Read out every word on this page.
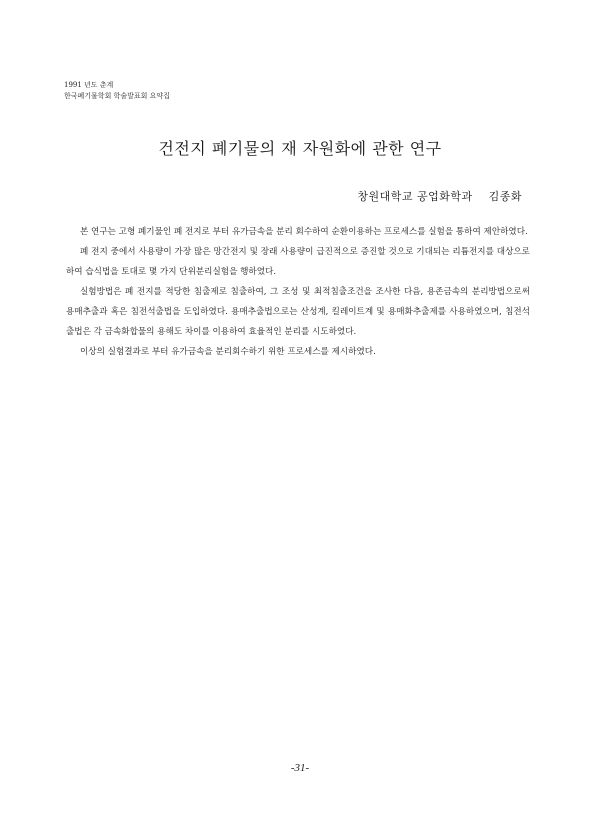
1991 년도 춘계
한국폐기물학회 학술발표회 요약집
건전지 폐기물의 재 자원화에 관한 연구
창원대학교 공업화학과 김종화

본 연구는 고형 폐기물인 폐 전지로 부터 유가금속을 분리 회수하여 순환이용하는 프로세스를 실험을 통하여 제안하였다.

폐 전지 중에서 사용량이 가장 많은 망간전지 및 장래 사용량이 급진적으로 증진할 것으로 기대되는 리튬전지를 대상으로 하여 습식법을 토대로 몇 가지 단위분리실험을 행하였다.

실험방법은 폐 전지를 적당한 침출제로 침출하여, 그 조성 및 최적침출조건을 조사한 다음, 용존금속의 분리방법으로써 용매추출과 혹은 침전석출법을 도입하였다. 용매추출법으로는 산성계, 킬레이트계 및 용매화추출제를 사용하였으며, 침전석출법은 각 금속화합물의 용해도 차이를 이용하여 효율적인 분리를 시도하였다.

이상의 실험결과로 부터 유가금속을 분리회수하기 위한 프로세스를 제시하였다.

-31-
